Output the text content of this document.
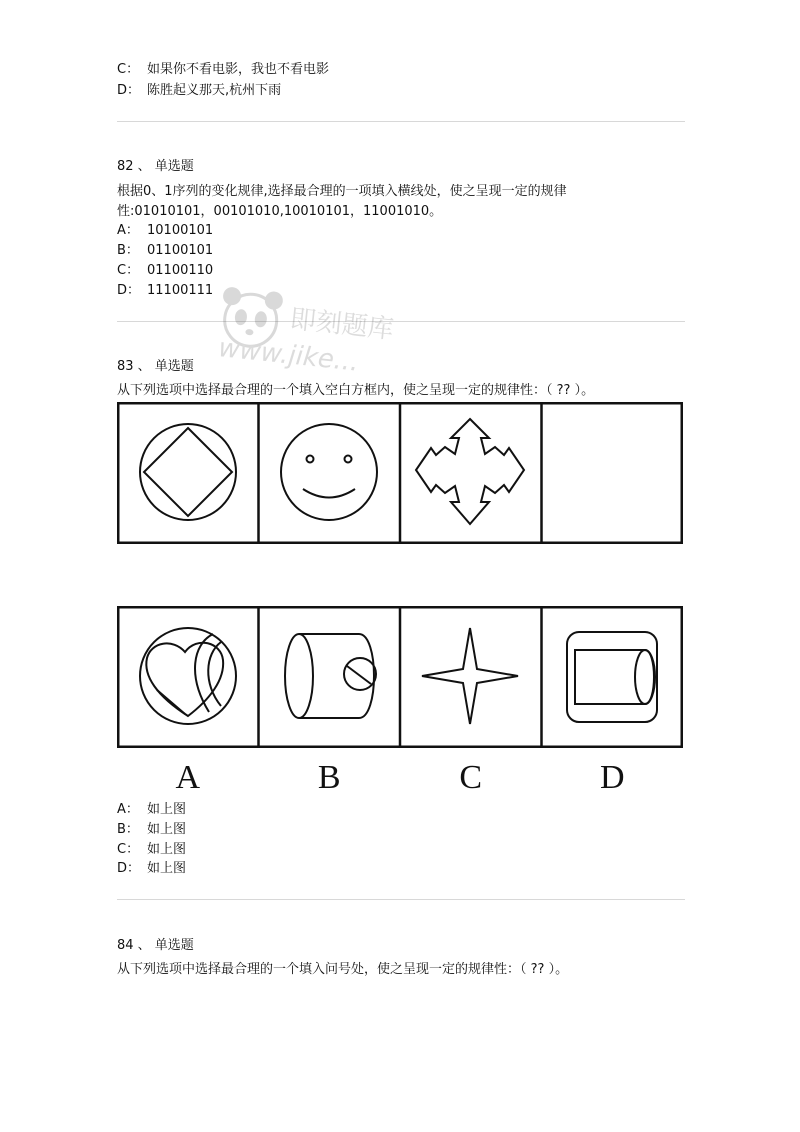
C： 如果你不看电影，我也不看电影
D： 陈胜起义那天,杭州下雨
82 、 单选题
根据0、1序列的变化规律,选择最合理的一项填入横线处，使之呈现一定的规律
性:01010101，00101010,10010101，11001010。
A： 10100101
B： 01100101
C： 01100110
D： 11100111
83 、 单选题
从下列选项中选择最合理的一个填入空白方框内，使之呈现一定的规律性：（ ?? ）。
A	B	C	D
A： 如上图
B： 如上图
C： 如上图
D： 如上图
84 、 单选题
从下列选项中选择最合理的一个填入问号处，使之呈现一定的规律性：（ ?? ）。
即刻题库
www.jike...
